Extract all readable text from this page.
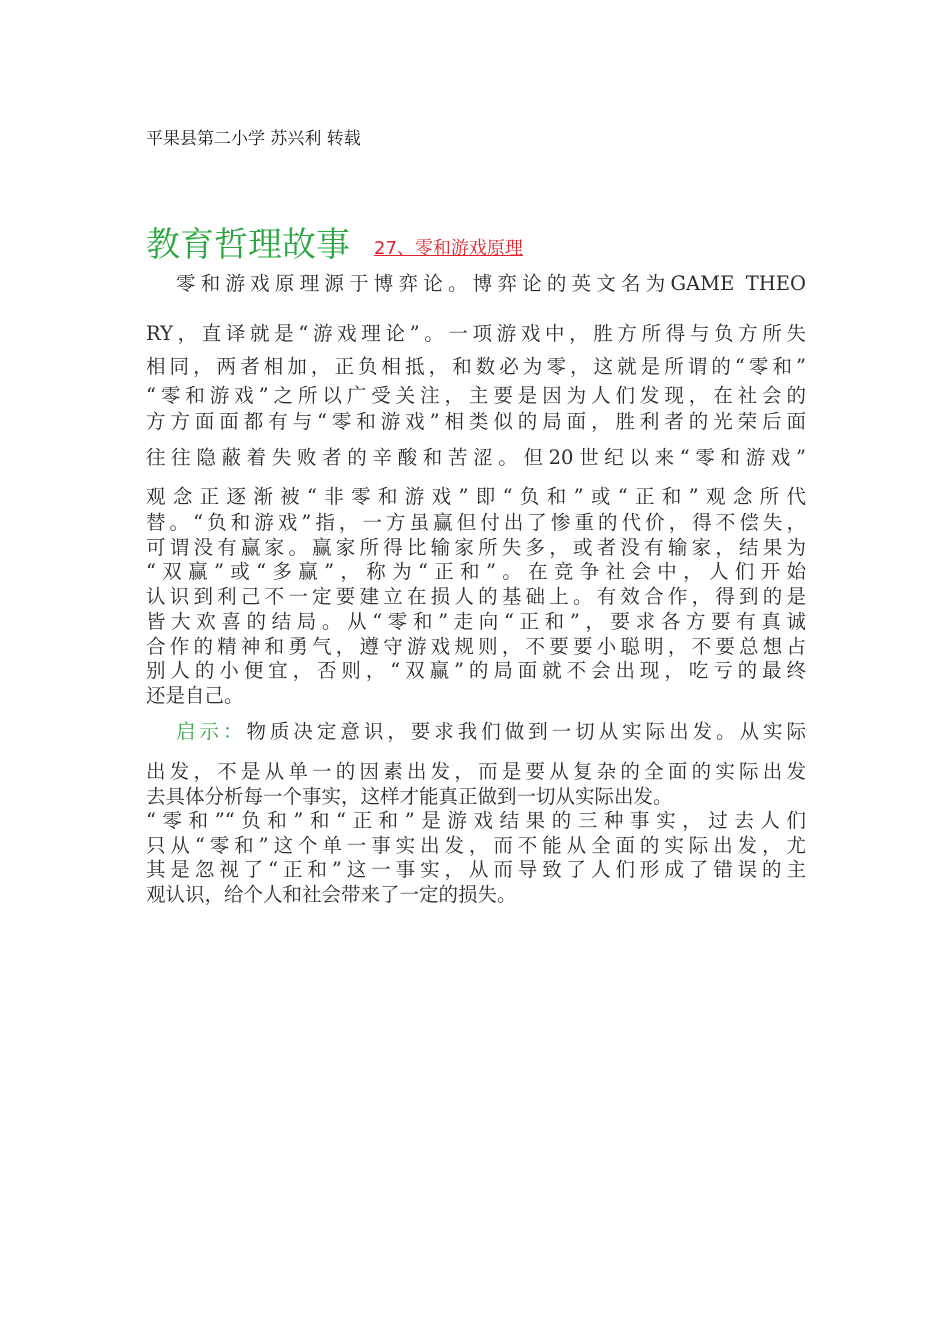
平果县第二小学 苏兴利 转载
教育哲理故事 27、零和游戏原理
零和游戏原理源于博弈论。博弈论的英文名为GAME THEO
RY，直译就是“游戏理论”。一项游戏中，胜方所得与负方所失
相同，两者相加，正负相抵，和数必为零，这就是所谓的“零和”
“零和游戏”之所以广受关注，主要是因为人们发现，在社会的
方方面面都有与“零和游戏”相类似的局面，胜利者的光荣后面
往往隐蔽着失败者的辛酸和苦涩。但20世纪以来“零和游戏”
观念正逐渐被“非零和游戏”即“负和”或“正和”观念所代
替。“负和游戏”指，一方虽赢但付出了惨重的代价，得不偿失，
可谓没有赢家。赢家所得比输家所失多，或者没有输家，结果为
“双赢”或“多赢”，称为“正和”。在竞争社会中，人们开始
认识到利己不一定要建立在损人的基础上。有效合作，得到的是
皆大欢喜的结局。从“零和”走向“正和”，要求各方要有真诚
合作的精神和勇气，遵守游戏规则，不要要小聪明，不要总想占
别人的小便宜，否则，“双赢”的局面就不会出现，吃亏的最终
还是自己。
启示：物质决定意识，要求我们做到一切从实际出发。从实际
出发，不是从单一的因素出发，而是要从复杂的全面的实际出发
去具体分析每一个事实，这样才能真正做到一切从实际出发。
“零和”“负和”和“正和”是游戏结果的三种事实，过去人们
只从“零和”这个单一事实出发，而不能从全面的实际出发，尤
其是忽视了“正和”这一事实，从而导致了人们形成了错误的主
观认识，给个人和社会带来了一定的损失。
